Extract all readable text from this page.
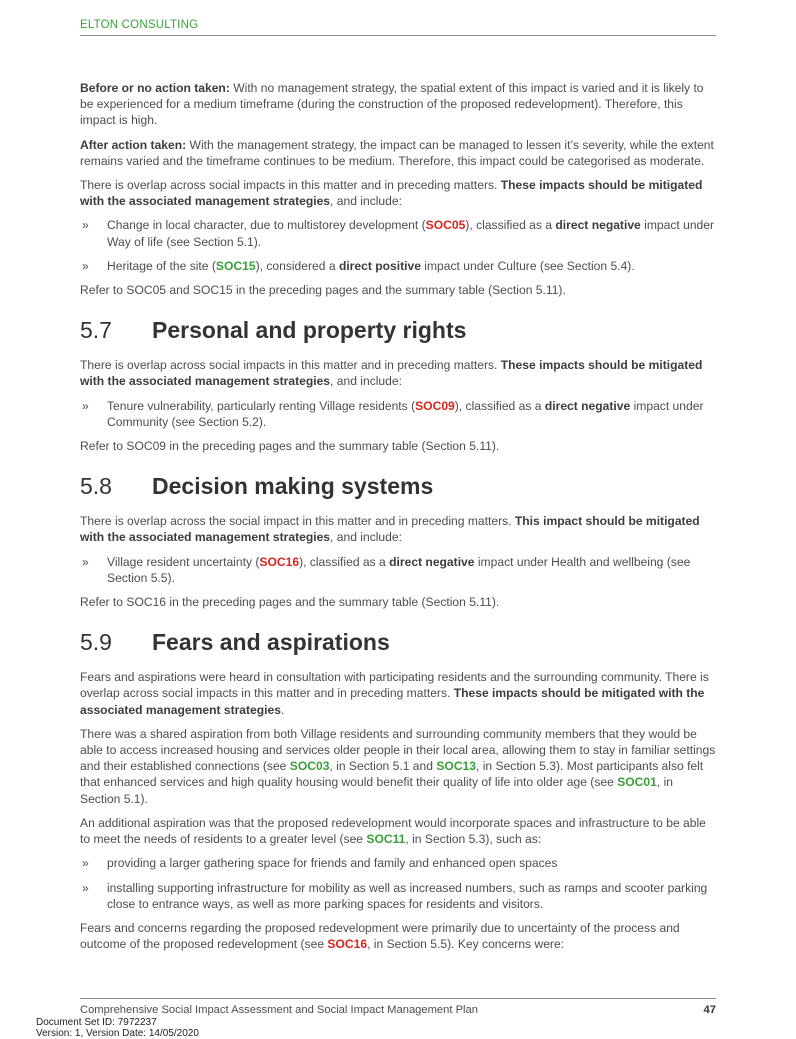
ELTON CONSULTING

Before or no action taken: With no management strategy, the spatial extent of this impact is varied and it is likely to be experienced for a medium timeframe (during the construction of the proposed redevelopment). Therefore, this impact is high.

After action taken: With the management strategy, the impact can be managed to lessen it’s severity, while the extent remains varied and the timeframe continues to be medium. Therefore, this impact could be categorised as moderate.

There is overlap across social impacts in this matter and in preceding matters. These impacts should be mitigated with the associated management strategies, and include:

» Change in local character, due to multistorey development (SOC05), classified as a direct negative impact under Way of life (see Section 5.1).
» Heritage of the site (SOC15), considered a direct positive impact under Culture (see Section 5.4).

Refer to SOC05 and SOC15 in the preceding pages and the summary table (Section 5.11).

5.7 Personal and property rights

There is overlap across social impacts in this matter and in preceding matters. These impacts should be mitigated with the associated management strategies, and include:

» Tenure vulnerability, particularly renting Village residents (SOC09), classified as a direct negative impact under Community (see Section 5.2).

Refer to SOC09 in the preceding pages and the summary table (Section 5.11).

5.8 Decision making systems

There is overlap across the social impact in this matter and in preceding matters. This impact should be mitigated with the associated management strategies, and include:

» Village resident uncertainty (SOC16), classified as a direct negative impact under Health and wellbeing (see Section 5.5).

Refer to SOC16 in the preceding pages and the summary table (Section 5.11).

5.9 Fears and aspirations

Fears and aspirations were heard in consultation with participating residents and the surrounding community. There is overlap across social impacts in this matter and in preceding matters. These impacts should be mitigated with the associated management strategies.

There was a shared aspiration from both Village residents and surrounding community members that they would be able to access increased housing and services older people in their local area, allowing them to stay in familiar settings and their established connections (see SOC03, in Section 5.1 and SOC13, in Section 5.3). Most participants also felt that enhanced services and high quality housing would benefit their quality of life into older age (see SOC01, in Section 5.1).

An additional aspiration was that the proposed redevelopment would incorporate spaces and infrastructure to be able to meet the needs of residents to a greater level (see SOC11, in Section 5.3), such as:

» providing a larger gathering space for friends and family and enhanced open spaces
» installing supporting infrastructure for mobility as well as increased numbers, such as ramps and scooter parking close to entrance ways, as well as more parking spaces for residents and visitors.

Fears and concerns regarding the proposed redevelopment were primarily due to uncertainty of the process and outcome of the proposed redevelopment (see SOC16, in Section 5.5). Key concerns were:

Comprehensive Social Impact Assessment and Social Impact Management Plan	47
Document Set ID: 7972237
Version: 1, Version Date: 14/05/2020
